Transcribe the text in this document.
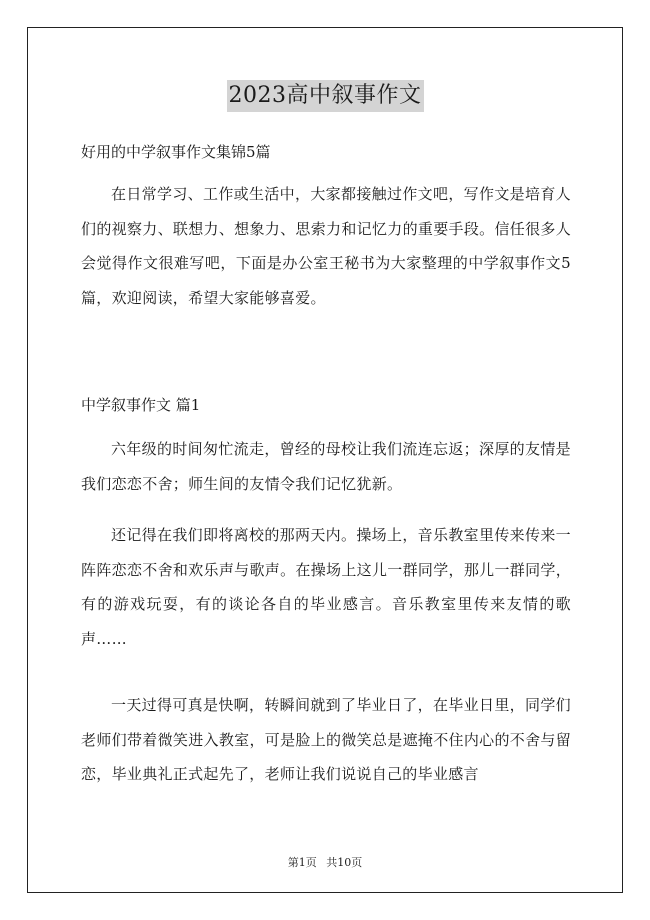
2023高中叙事作文
好用的中学叙事作文集锦5篇

在日常学习、工作或生活中，大家都接触过作文吧，写作文是培育人们的视察力、联想力、想象力、思索力和记忆力的重要手段。信任很多人会觉得作文很难写吧，下面是办公室王秘书为大家整理的中学叙事作文5篇，欢迎阅读，希望大家能够喜爱。

中学叙事作文 篇1

六年级的时间匆忙流走，曾经的母校让我们流连忘返；深厚的友情是我们恋恋不舍；师生间的友情令我们记忆犹新。

还记得在我们即将离校的那两天内。操场上，音乐教室里传来传来一阵阵恋恋不舍和欢乐声与歌声。在操场上这儿一群同学，那儿一群同学，有的游戏玩耍，有的谈论各自的毕业感言。音乐教室里传来友情的歌声……

一天过得可真是快啊，转瞬间就到了毕业日了，在毕业日里，同学们老师们带着微笑进入教室，可是脸上的微笑总是遮掩不住内心的不舍与留恋，毕业典礼正式起先了，老师让我们说说自己的毕业感言

第1页 共10页
